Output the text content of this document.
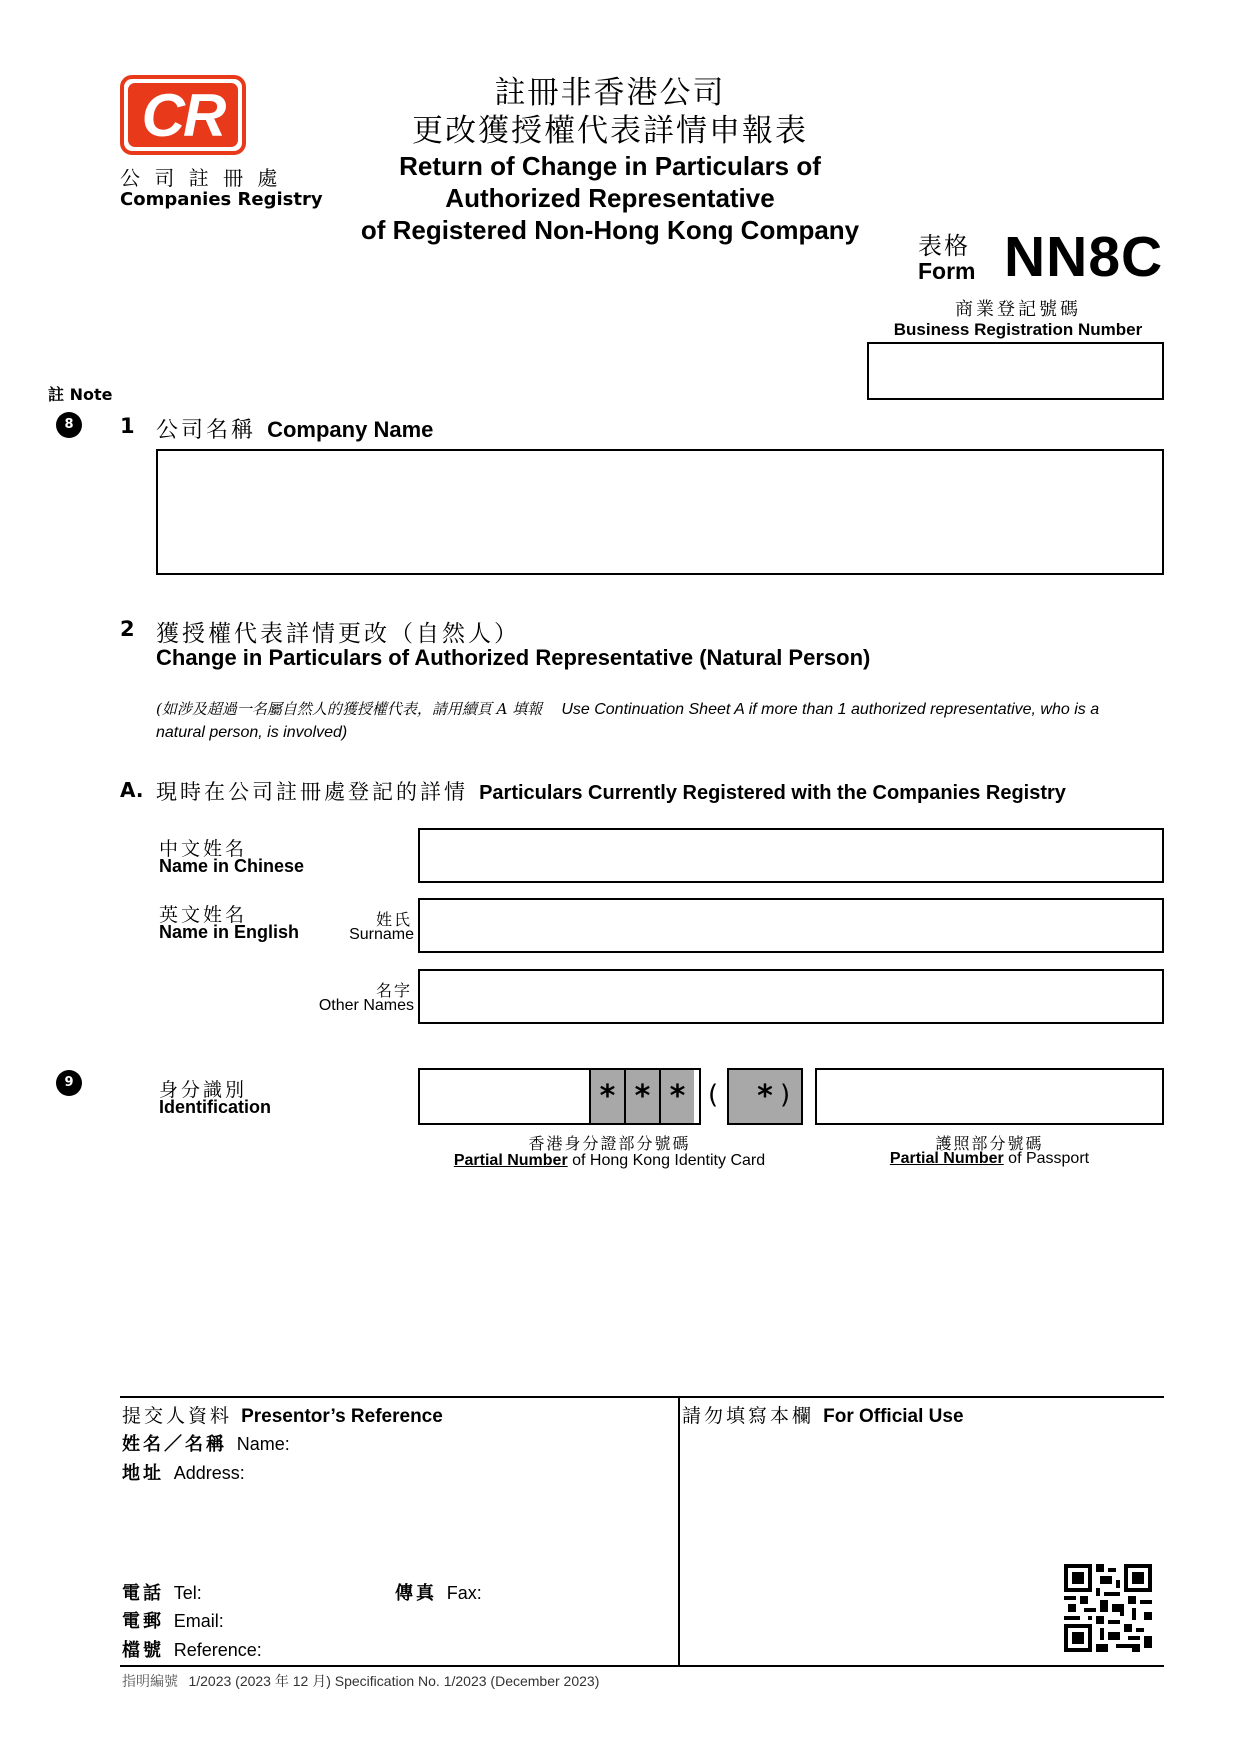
CR
公 司 註 冊 處
Companies Registry
註冊非香港公司
更改獲授權代表詳情申報表
Return of Change in Particulars of
Authorized Representative
of Registered Non-Hong Kong Company
表格
Form NN8C
商業登記號碼
Business Registration Number
註 Note
8	1 公司名稱 Company Name
2 獲授權代表詳情更改（自然人）
Change in Particulars of Authorized Representative (Natural Person)
(如涉及超過一名屬自然人的獲授權代表，請用續頁 A 填報 Use Continuation Sheet A if more than 1 authorized representative, who is a
natural person, is involved)
A. 現時在公司註冊處登記的詳情 Particulars Currently Registered with the Companies Registry
中文姓名
Name in Chinese
英文姓名
Name in English
姓氏
Surname
名字
Other Names
9	身分識別
Identification	* * * (	* )
香港身分證部分號碼
Partial Number of Hong Kong Identity Card
護照部分號碼
Partial Number of Passport
提交人資料 Presentor’s Reference
姓名／名稱 Name:
地址 Address:
電話 Tel:	傳真 Fax:
電郵 Email:
檔號 Reference:
請勿填寫本欄 For Official Use
指明編號 1/2023 (2023 年 12 月) Specification No. 1/2023 (December 2023)
